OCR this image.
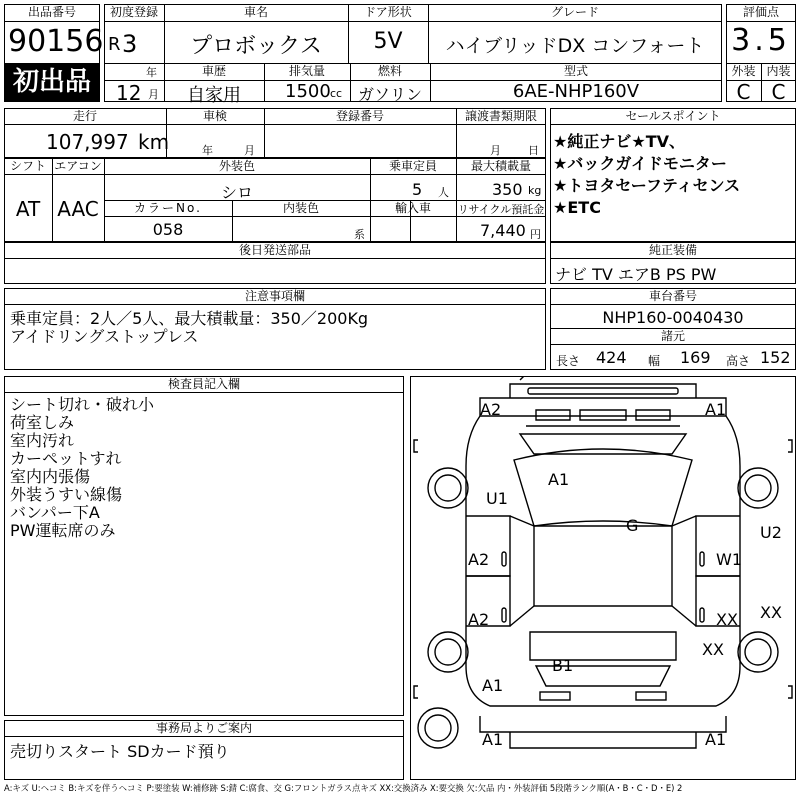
出品番号
90156
初出品
初度登録
R 3
年
12 月
車名
プロボックス
ドア形状
5V
グレード
ハイブリッドDX コンフォート
車歴
自家用
排気量
1500 cc
燃料
ガソリン
型式
6AE-NHP160V
評価点
3.5
外装 内装
C	C
走行
107,997 km
車検
年	月
登録番号	譲渡書類期限
月 日
セールスポイント
★純正ナビ★TV、
★バックガイドモニター
★トヨタセーフティセンス
★ETC
シフト
AT
エアコン
AAC
外装色
シロ
乗車定員
5 人
最大積載量
350 kg
カラーNo.
058
内装色
系
輸入車	リサイクル預託金
7,440 円
後日発送部品	純正装備
ナビ TV エアB PS PW
注意事項欄
乗車定員：2人／5人、最大積載量：350／200Kg
アイドリングストップレス
車台番号
NHP160-0040430
諸元
長さ 424 幅 169 高さ 152
検査員記入欄
シート切れ・破れ小
荷室しみ
室内汚れ
カーペットすれ
室内内張傷
外装うすい線傷
バンパー下A
PW運転席のみ
A2	A1
A1
U1
G	U2
A2	W1
A2	XX
XX
XX
B1
A1
A1	A1
事務局よりご案内
売切りスタート SDカード預り
A:キズ U:ヘコミ B:キズを伴うヘコミ P:要塗装 W:補修跡 S:錆 C:腐食、交 G:フロントガラス点キズ XX:交換済み X:要交換 欠:欠品 内・外装評価 5段階ランク順(A・B・C・D・E) 2
